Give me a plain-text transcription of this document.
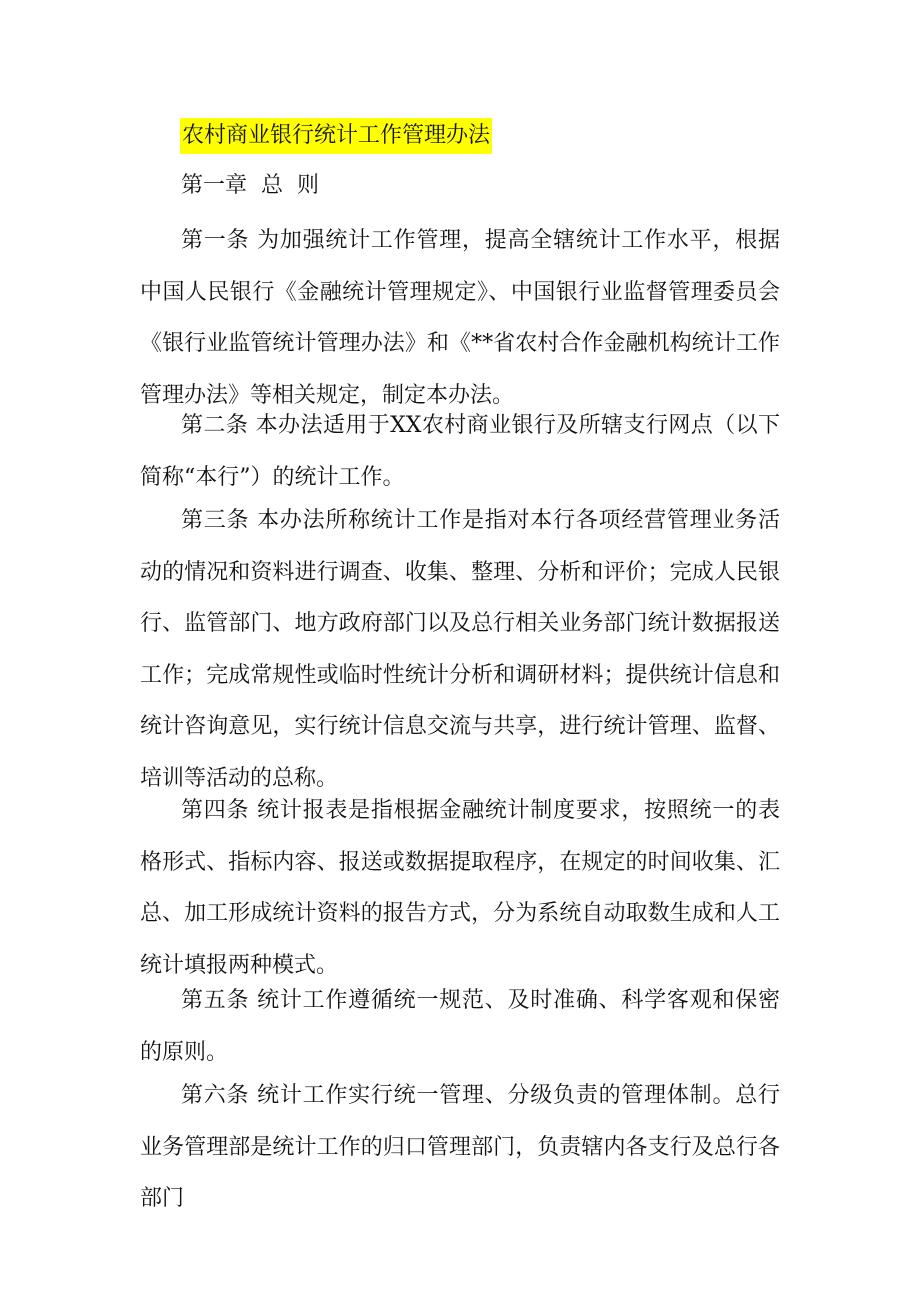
农村商业银行统计工作管理办法
第一章  总  则

第一条 为加强统计工作管理，提高全辖统计工作水平，根据中国人民银行《金融统计管理规定》、中国银行业监督管理委员会《银行业监管统计管理办法》和《**省农村合作金融机构统计工作管理办法》等相关规定，制定本办法。

第二条 本办法适用于XX农村商业银行及所辖支行网点（以下简称“本行”）的统计工作。

第三条 本办法所称统计工作是指对本行各项经营管理业务活动的情况和资料进行调查、收集、整理、分析和评价；完成人民银行、监管部门、地方政府部门以及总行相关业务部门统计数据报送工作；完成常规性或临时性统计分析和调研材料；提供统计信息和统计咨询意见，实行统计信息交流与共享，进行统计管理、监督、培训等活动的总称。

第四条 统计报表是指根据金融统计制度要求，按照统一的表格形式、指标内容、报送或数据提取程序，在规定的时间收集、汇总、加工形成统计资料的报告方式，分为系统自动取数生成和人工统计填报两种模式。

第五条 统计工作遵循统一规范、及时准确、科学客观和保密的原则。

第六条 统计工作实行统一管理、分级负责的管理体制。总行业务管理部是统计工作的归口管理部门，负责辖内各支行及总行各部门
